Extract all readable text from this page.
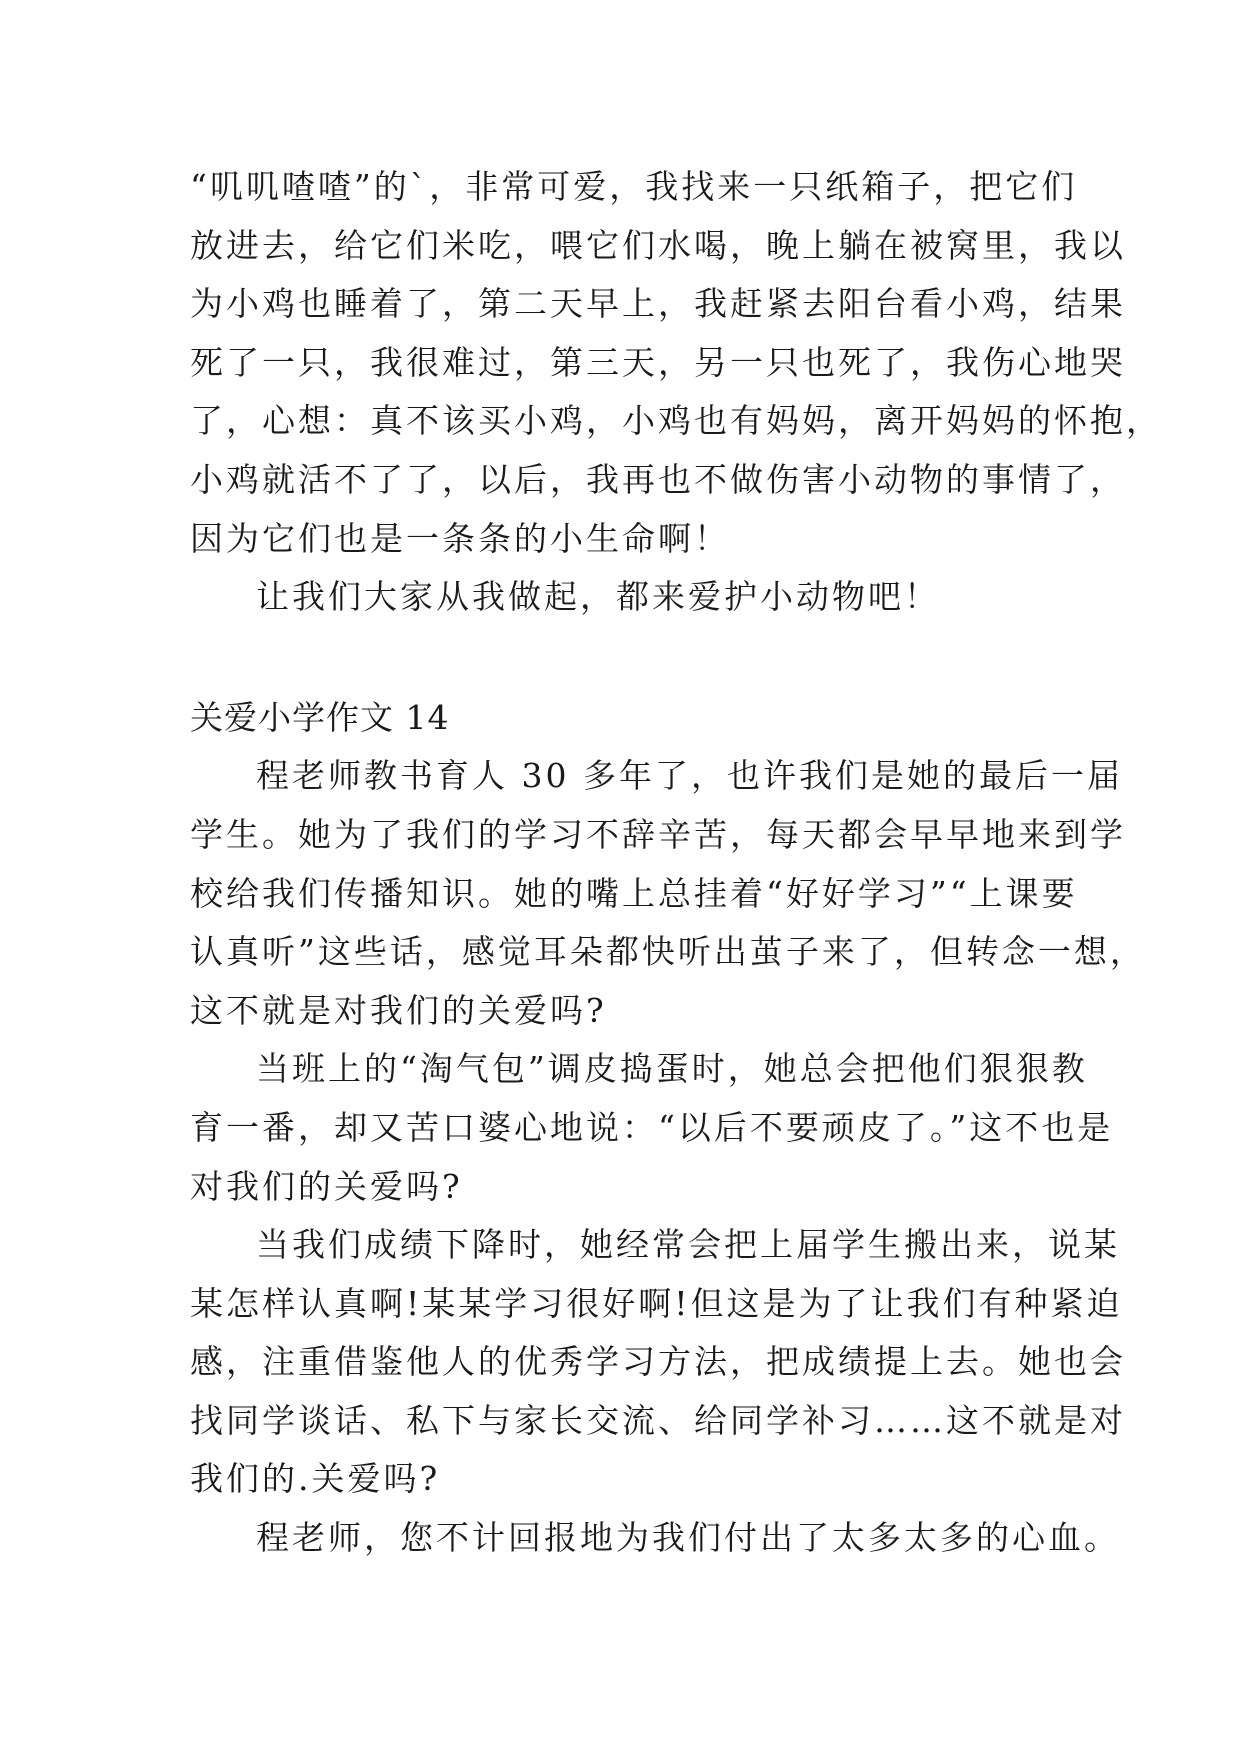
“叽叽喳喳”的`，非常可爱，我找来一只纸箱子，把它们
放进去，给它们米吃，喂它们水喝，晚上躺在被窝里，我以
为小鸡也睡着了，第二天早上，我赶紧去阳台看小鸡，结果
死了一只，我很难过，第三天，另一只也死了，我伤心地哭
了，心想：真不该买小鸡，小鸡也有妈妈，离开妈妈的怀抱，
小鸡就活不了了，以后，我再也不做伤害小动物的事情了，
因为它们也是一条条的小生命啊！
让我们大家从我做起，都来爱护小动物吧！
关爱小学作文 14
程老师教书育人 30 多年了，也许我们是她的最后一届
学生。她为了我们的学习不辞辛苦，每天都会早早地来到学
校给我们传播知识。她的嘴上总挂着“好好学习”“上课要
认真听”这些话，感觉耳朵都快听出茧子来了，但转念一想，
这不就是对我们的关爱吗?
当班上的“淘气包”调皮捣蛋时，她总会把他们狠狠教
育一番，却又苦口婆心地说：“以后不要顽皮了。”这不也是
对我们的关爱吗?
当我们成绩下降时，她经常会把上届学生搬出来，说某
某怎样认真啊!某某学习很好啊!但这是为了让我们有种紧迫
感，注重借鉴他人的优秀学习方法，把成绩提上去。她也会
找同学谈话、私下与家长交流、给同学补习……这不就是对
我们的.关爱吗?
程老师，您不计回报地为我们付出了太多太多的心血。
